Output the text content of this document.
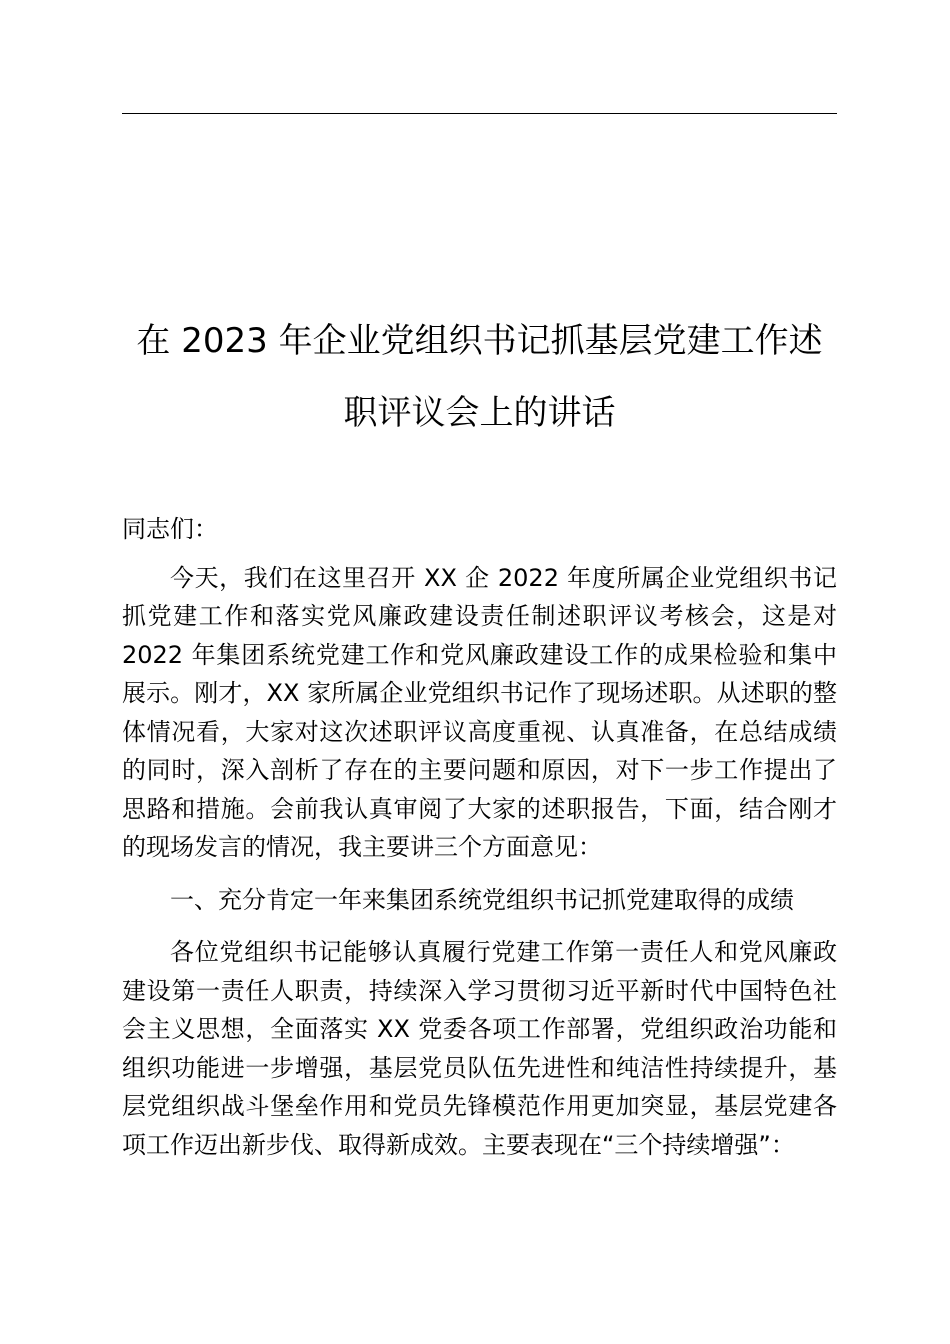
在 2023 年企业党组织书记抓基层党建工作述
职评议会上的讲话

同志们：

今天，我们在这里召开 XX 企 2022 年度所属企业党组织书记抓党建工作和落实党风廉政建设责任制述职评议考核会，这是对 2022 年集团系统党建工作和党风廉政建设工作的成果检验和集中展示。刚才，XX 家所属企业党组织书记作了现场述职。从述职的整体情况看，大家对这次述职评议高度重视、认真准备，在总结成绩的同时，深入剖析了存在的主要问题和原因，对下一步工作提出了思路和措施。会前我认真审阅了大家的述职报告，下面，结合刚才的现场发言的情况，我主要讲三个方面意见：

一、充分肯定一年来集团系统党组织书记抓党建取得的成绩

各位党组织书记能够认真履行党建工作第一责任人和党风廉政建设第一责任人职责，持续深入学习贯彻习近平新时代中国特色社会主义思想，全面落实 XX 党委各项工作部署，党组织政治功能和组织功能进一步增强，基层党员队伍先进性和纯洁性持续提升，基层党组织战斗堡垒作用和党员先锋模范作用更加突显，基层党建各项工作迈出新步伐、取得新成效。主要表现在“三个持续增强”：
